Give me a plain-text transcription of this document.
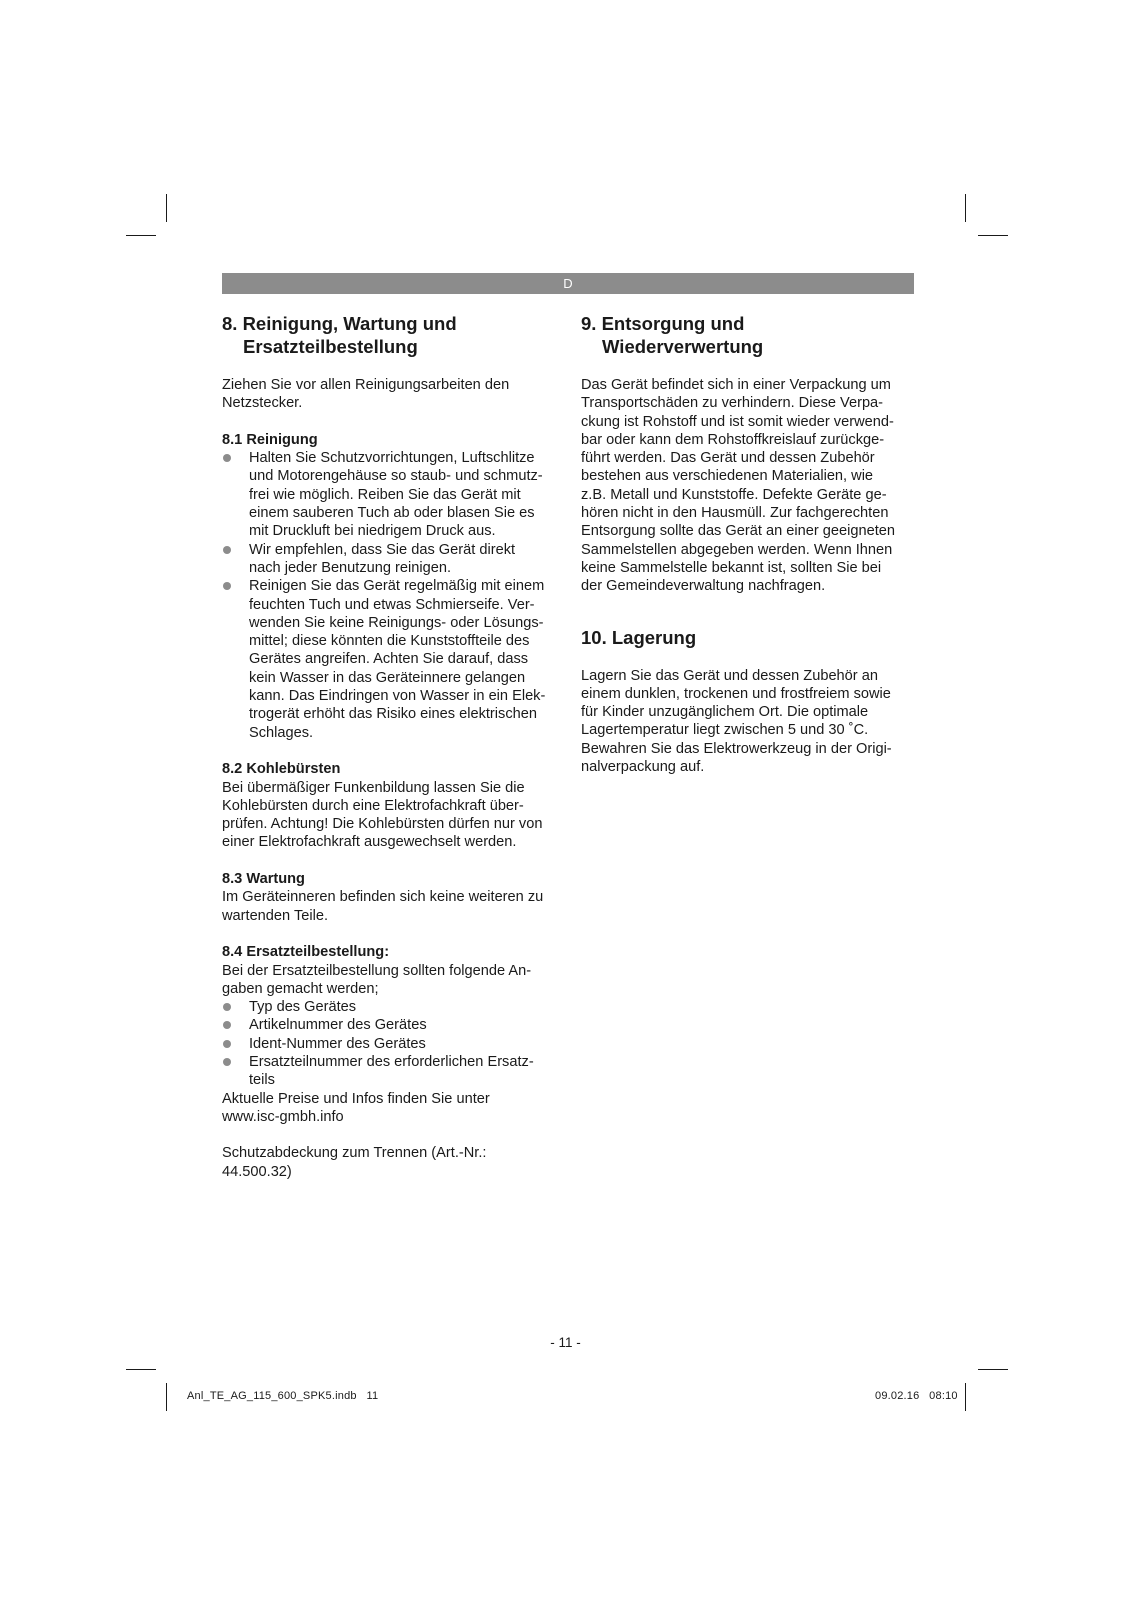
D
8. Reinigung, Wartung und
Ersatzteilbestellung

Ziehen Sie vor allen Reinigungsarbeiten den
Netzstecker.

8.1 Reinigung
Halten Sie Schutzvorrichtungen, Luftschlitze
und Motorengehäuse so staub- und schmutz-
frei wie möglich. Reiben Sie das Gerät mit
einem sauberen Tuch ab oder blasen Sie es
mit Druckluft bei niedrigem Druck aus.
Wir empfehlen, dass Sie das Gerät direkt
nach jeder Benutzung reinigen.
Reinigen Sie das Gerät regelmäßig mit einem
feuchten Tuch und etwas Schmierseife. Ver-
wenden Sie keine Reinigungs- oder Lösungs-
mittel; diese könnten die Kunststoffteile des
Gerätes angreifen. Achten Sie darauf, dass
kein Wasser in das Geräteinnere gelangen
kann. Das Eindringen von Wasser in ein Elek-
trogerät erhöht das Risiko eines elektrischen
Schlages.
8.2 Kohlebürsten

Bei übermäßiger Funkenbildung lassen Sie die
Kohlebürsten durch eine Elektrofachkraft über-
prüfen. Achtung! Die Kohlebürsten dürfen nur von
einer Elektrofachkraft ausgewechselt werden.

8.3 Wartung

Im Geräteinneren befinden sich keine weiteren zu
wartenden Teile.

8.4 Ersatzteilbestellung:

Bei der Ersatzteilbestellung sollten folgende An-
gaben gemacht werden;

Typ des Gerätes
Artikelnummer des Gerätes
Ident-Nummer des Gerätes
Ersatzteilnummer des erforderlichen Ersatz-
teils

Aktuelle Preise und Infos finden Sie unter
www.isc-gmbh.info

Schutzabdeckung zum Trennen (Art.-Nr.:
44.500.32)

9. Entsorgung und
Wiederverwertung

Das Gerät befindet sich in einer Verpackung um
Transportschäden zu verhindern. Diese Verpa-
ckung ist Rohstoff und ist somit wieder verwend-
bar oder kann dem Rohstoffkreislauf zurückge-
führt werden. Das Gerät und dessen Zubehör
bestehen aus verschiedenen Materialien, wie
z.B. Metall und Kunststoffe. Defekte Geräte ge-
hören nicht in den Hausmüll. Zur fachgerechten
Entsorgung sollte das Gerät an einer geeigneten
Sammelstellen abgegeben werden. Wenn Ihnen
keine Sammelstelle bekannt ist, sollten Sie bei
der Gemeindeverwaltung nachfragen.

10. Lagerung

Lagern Sie das Gerät und dessen Zubehör an
einem dunklen, trockenen und frostfreiem sowie
für Kinder unzugänglichem Ort. Die optimale
Lagertemperatur liegt zwischen 5 und 30 ˚C.
Bewahren Sie das Elektrowerkzeug in der Origi-
nalverpackung auf.

- 11 -
Anl_TE_AG_115_600_SPK5.indb   11	09.02.16   08:10
